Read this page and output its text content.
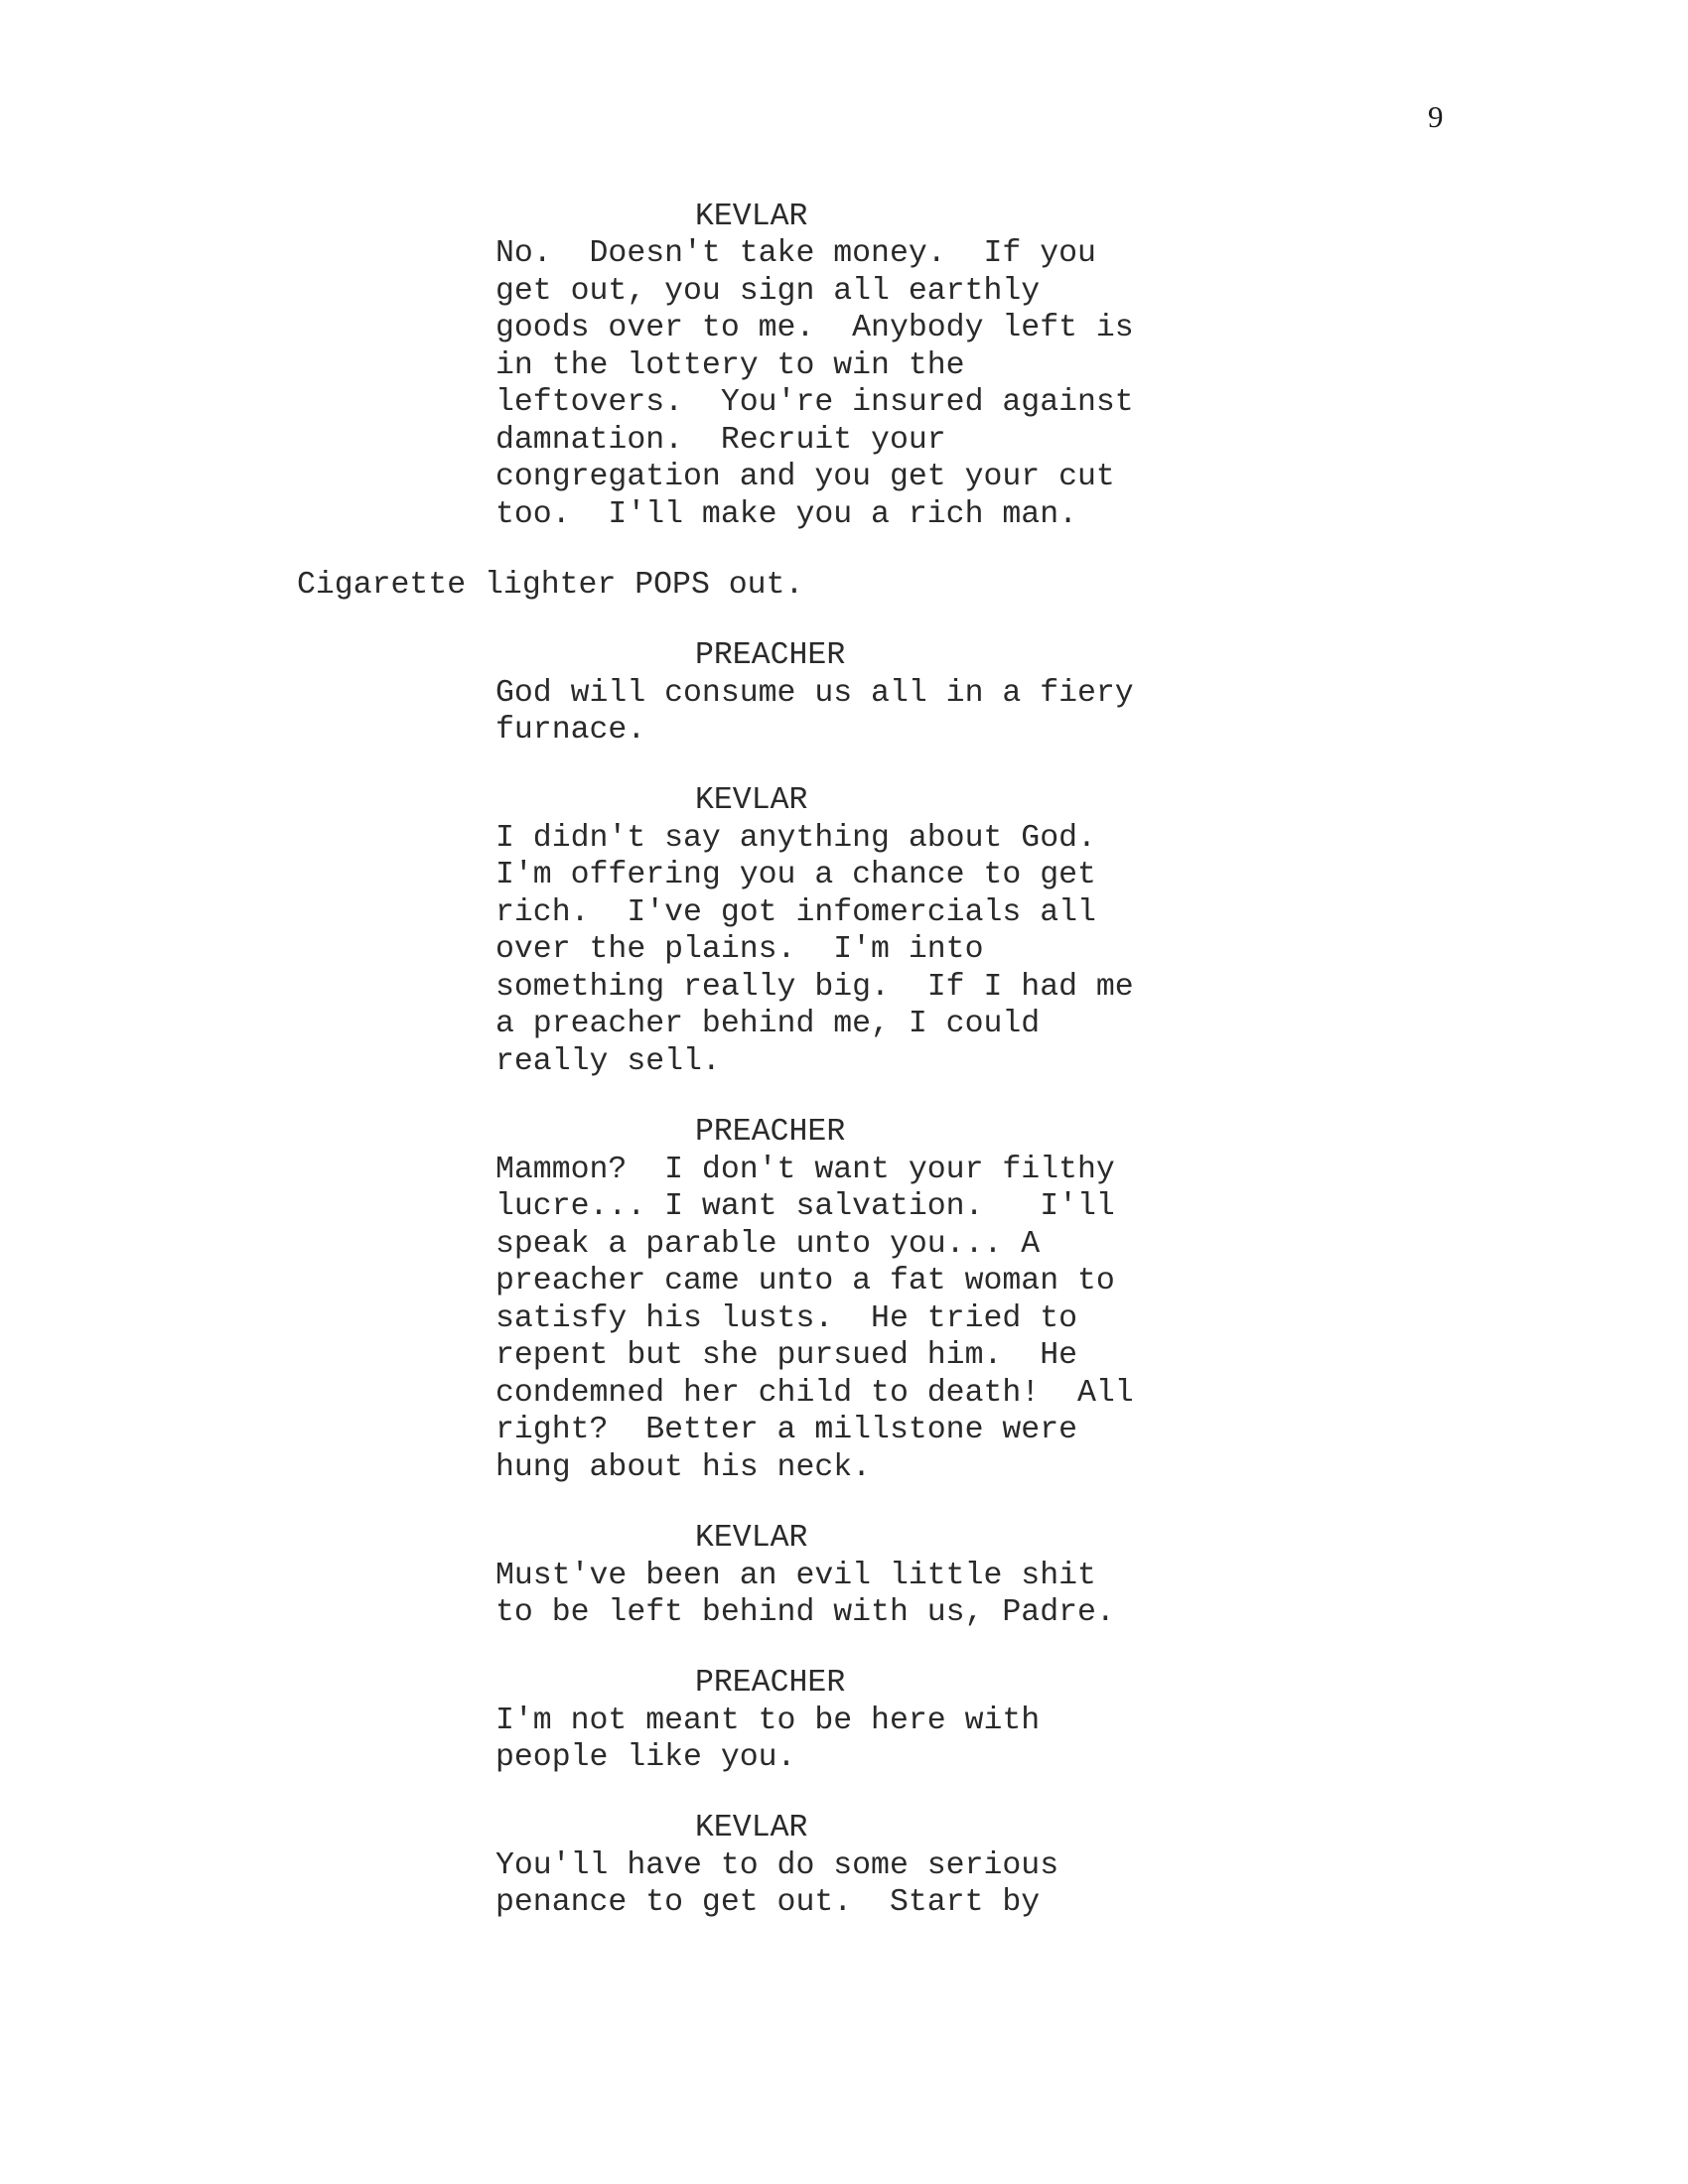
9

KEVLAR

No.  Doesn't take money.  If you

get out, you sign all earthly

goods over to me.  Anybody left is

in the lottery to win the

leftovers.  You're insured against

damnation.  Recruit your

congregation and you get your cut

too.  I'll make you a rich man.

Cigarette lighter POPS out.

PREACHER

God will consume us all in a fiery

furnace.

KEVLAR

I didn't say anything about God.

I'm offering you a chance to get

rich.  I've got infomercials all

over the plains.  I'm into

something really big.  If I had me

a preacher behind me, I could

really sell.

PREACHER

Mammon?  I don't want your filthy

lucre... I want salvation.   I'll

speak a parable unto you... A

preacher came unto a fat woman to

satisfy his lusts.  He tried to

repent but she pursued him.  He

condemned her child to death!  All

right?  Better a millstone were

hung about his neck.

KEVLAR

Must've been an evil little shit

to be left behind with us, Padre.

PREACHER

I'm not meant to be here with

people like you.

KEVLAR

You'll have to do some serious

penance to get out.  Start by
